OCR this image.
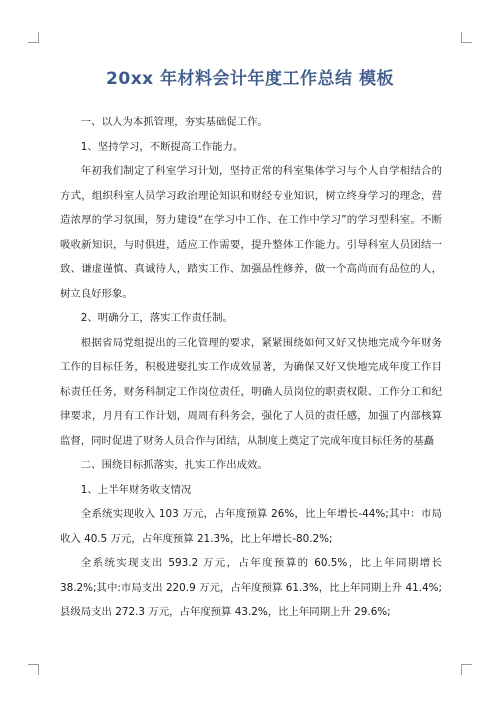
20xx 年材料会计年度工作总结 模板

一、以人为本抓管理，夯实基础促工作。

1、坚持学习，不断提高工作能力。

年初我们制定了科室学习计划，坚持正常的科室集体学习与个人自学相结合的方式，组织科室人员学习政治理论知识和财经专业知识，树立终身学习的理念，营造浓厚的学习氛围，努力建设“在学习中工作、在工作中学习”的学习型科室。不断吸收新知识，与时俱进，适应工作需要，提升整体工作能力。引导科室人员团结一致、谦虚谨慎、真诚待人，踏实工作、加强品性修养，做一个高尚而有品位的人，树立良好形象。

2、明确分工，落实工作责任制。

根据省局党组提出的三化管理的要求，紧紧围绕如何又好又快地完成今年财务工作的目标任务，积极进娶扎实工作成效显著，为确保又好又快地完成年度工作目标责任任务，财务科制定工作岗位责任，明确人员岗位的职责权限、工作分工和纪律要求，月月有工作计划，周周有科务会，强化了人员的责任感，加强了内部核算监督，同时促进了财务人员合作与团结，从制度上奠定了完成年度目标任务的基矗

二、围绕目标抓落实，扎实工作出成效。

1、上半年财务收支情况

全系统实现收入 103 万元，占年度预算 26%，比上年增长-44%;其中：市局收入 40.5 万元，占年度预算 21.3%，比上年增长-80.2%;

全系统实现支出 593.2 万元，占年度预算的 60.5%，比上年同期增长 38.2%;其中:市局支出 220.9 万元，占年度预算 61.3%，比上年同期上升 41.4%;县级局支出 272.3 万元，占年度预算 43.2%，比上年同期上升 29.6%;
